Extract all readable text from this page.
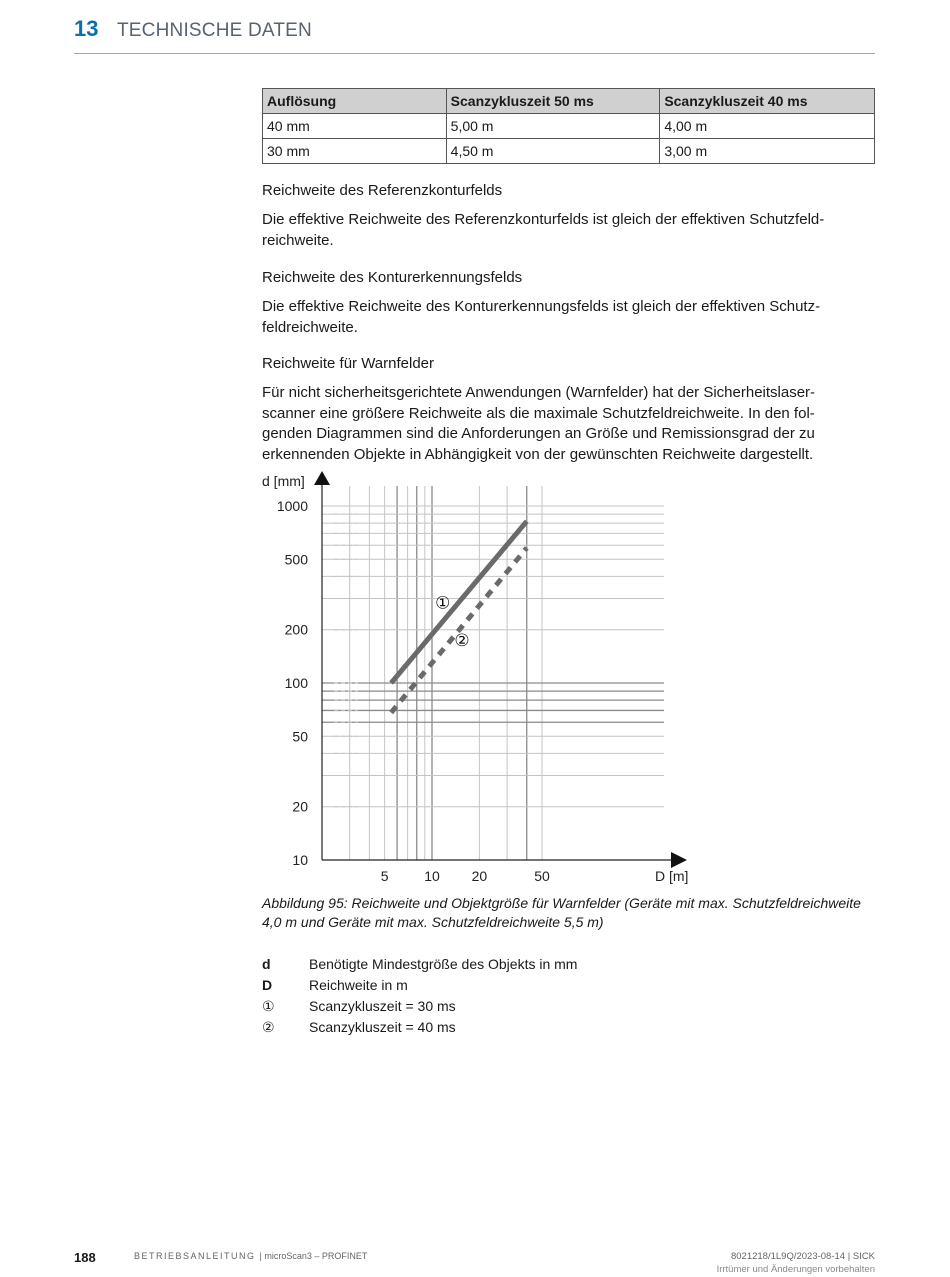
13 TECHNISCHE DATEN
Auflösung	Scanzykluszeit 50 ms	Scanzykluszeit 40 ms
40 mm	5,00 m	4,00 m
30 mm	4,50 m	3,00 m
Reichweite des Referenzkonturfelds
Die effektive Reichweite des Referenzkonturfelds ist gleich der effektiven Schutzfeld-
reichweite.
Reichweite des Konturerkennungsfelds
Die effektive Reichweite des Konturerkennungsfelds ist gleich der effektiven Schutz-
feldreichweite.
Reichweite für Warnfelder
Für nicht sicherheitsgerichtete Anwendungen (Warnfelder) hat der Sicherheitslaser-
scanner eine größere Reichweite als die maximale Schutzfeldreichweite. In den fol-
genden Diagrammen sind die Anforderungen an Größe und Remissionsgrad der zu
erkennenden Objekte in Abhängigkeit von der gewünschten Reichweite dargestellt.
1000
500
200
100
50
20
10
5	10 20	50
d [mm]
D [m]
①
②
Abbildung 95: Reichweite und Objektgröße für Warnfelder (Geräte mit max. Schutzfeldreichweite
4,0 m und Geräte mit max. Schutzfeldreichweite 5,5 m)
d	Benötigte Mindestgröße des Objekts in mm
D	Reichweite in m
①	Scanzykluszeit = 30 ms
②	Scanzykluszeit = 40 ms
188	BETRIEBSANLEITUNG | microScan3 – PROFINET	8021218/1L9Q/2023-08-14 | SICK
Irrtümer und Änderungen vorbehalten
